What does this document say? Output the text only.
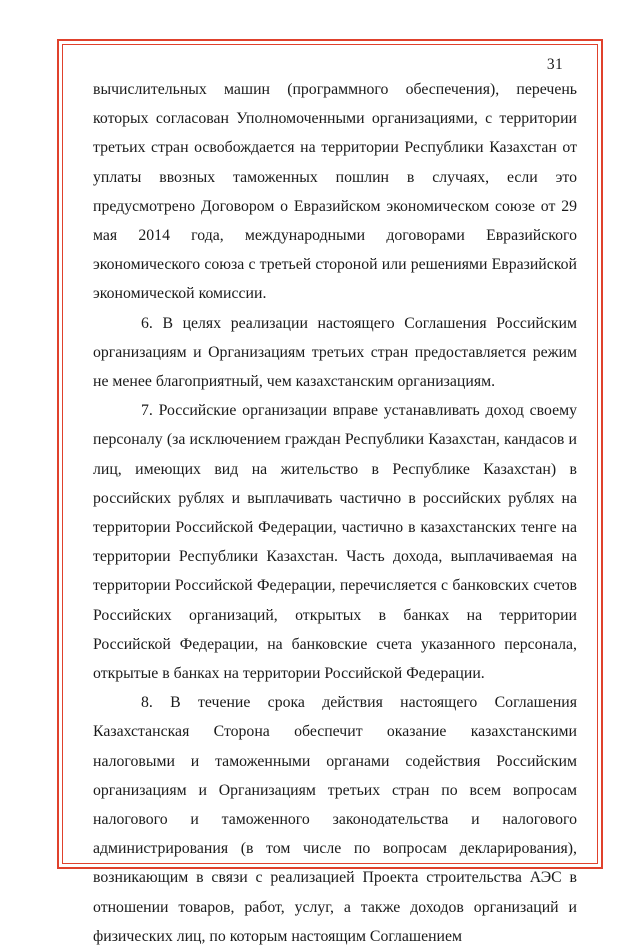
31

вычислительных машин (программного обеспечения), перечень которых согласован Уполномоченными организациями, с территории третьих стран освобождается на территории Республики Казахстан от уплаты ввозных таможенных пошлин в случаях, если это предусмотрено Договором о Евразийском экономическом союзе от 29 мая 2014 года, международными договорами Евразийского экономического союза с третьей стороной или решениями Евразийской экономической комиссии.

6. В целях реализации настоящего Соглашения Российским организациям и Организациям третьих стран предоставляется режим не менее благоприятный, чем казахстанским организациям.

7. Российские организации вправе устанавливать доход своему персоналу (за исключением граждан Республики Казахстан, кандасов и лиц, имеющих вид на жительство в Республике Казахстан) в российских рублях и выплачивать частично в российских рублях на территории Российской Федерации, частично в казахстанских тенге на территории Республики Казахстан. Часть дохода, выплачиваемая на территории Российской Федерации, перечисляется с банковских счетов Российских организаций, открытых в банках на территории Российской Федерации, на банковские счета указанного персонала, открытые в банках на территории Российской Федерации.

8. В течение срока действия настоящего Соглашения Казахстанская Сторона обеспечит оказание казахстанскими налоговыми и таможенными органами содействия Российским организациям и Организациям третьих стран по всем вопросам налогового и таможенного законодательства и налогового администрирования (в том числе по вопросам декларирования), возникающим в связи с реализацией Проекта строительства АЭС в отношении товаров, работ, услуг, а также доходов организаций и физических лиц, по которым настоящим Соглашением
